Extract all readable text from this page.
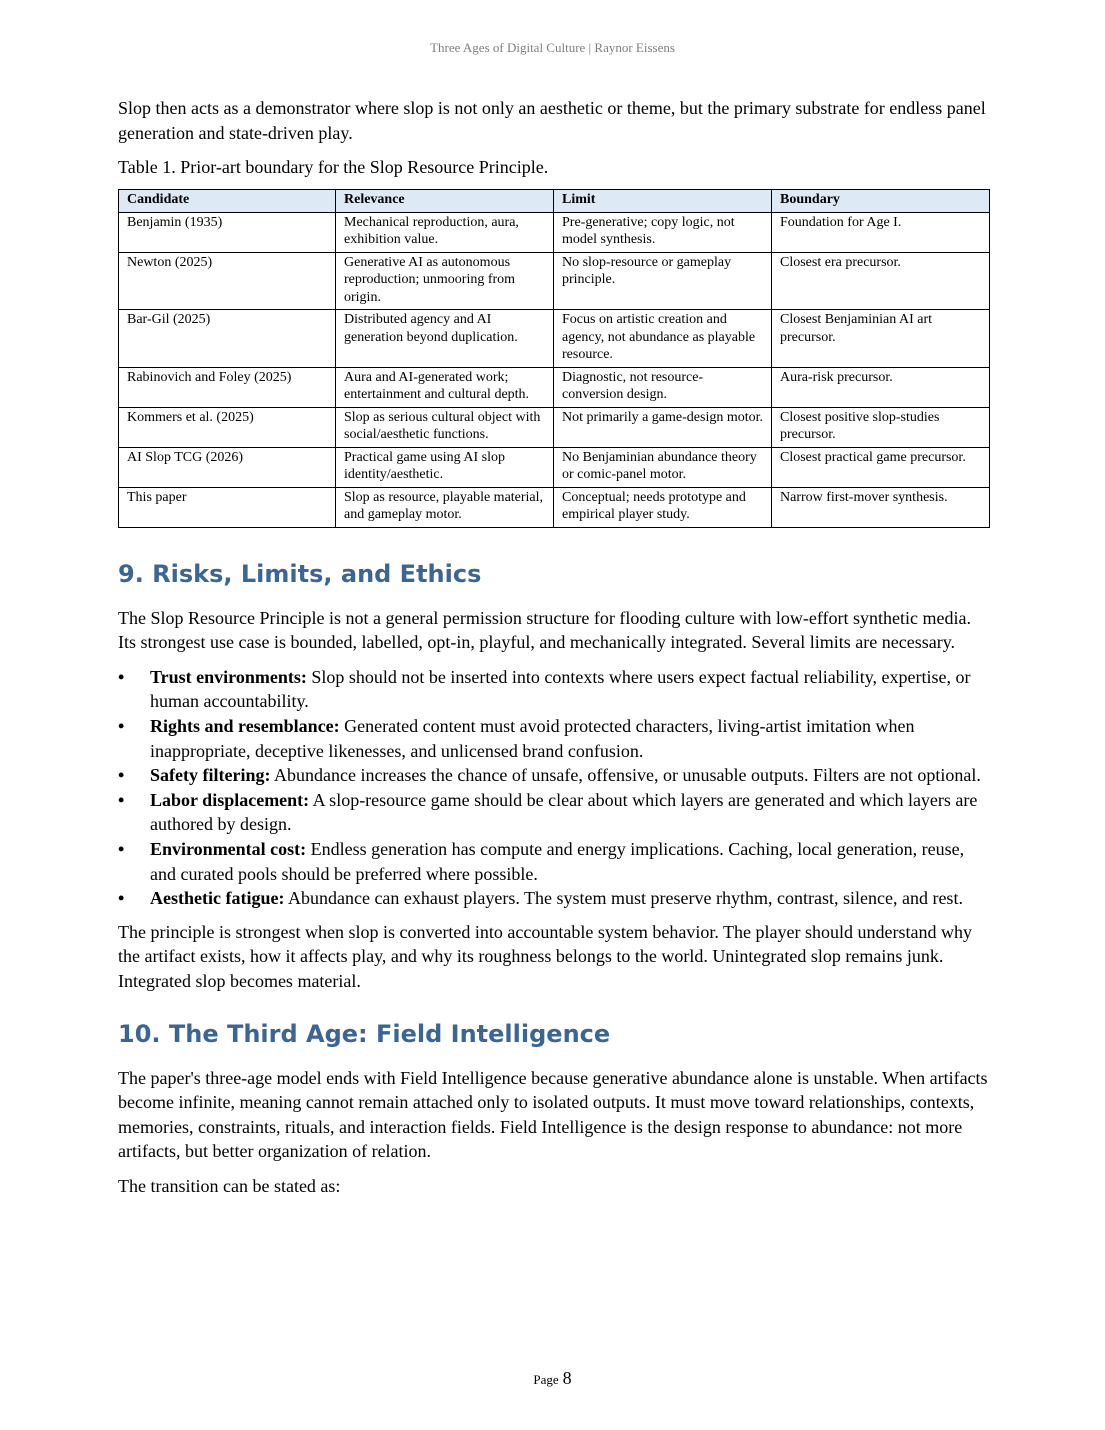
Three Ages of Digital Culture | Raynor Eissens

Slop then acts as a demonstrator where slop is not only an aesthetic or theme, but the primary substrate for endless panel generation and state-driven play.

Table 1. Prior-art boundary for the Slop Resource Principle.

Candidate	Relevance	Limit	Boundary
Benjamin (1935)	Mechanical reproduction, aura, exhibition value.	Pre-generative; copy logic, not model synthesis.	Foundation for Age I.
Newton (2025)	Generative AI as autonomous reproduction; unmooring from origin.	No slop-resource or gameplay principle.	Closest era precursor.
Bar-Gil (2025)	Distributed agency and AI generation beyond duplication.	Focus on artistic creation and agency, not abundance as playable resource.	Closest Benjaminian AI art precursor.
Rabinovich and Foley (2025)	Aura and AI-generated work; entertainment and cultural depth.	Diagnostic, not resource-conversion design.	Aura-risk precursor.
Kommers et al. (2025)	Slop as serious cultural object with social/aesthetic functions.	Not primarily a game-design motor.	Closest positive slop-studies precursor.
AI Slop TCG (2026)	Practical game using AI slop identity/aesthetic.	No Benjaminian abundance theory or comic-panel motor.	Closest practical game precursor.
This paper	Slop as resource, playable material, and gameplay motor.	Conceptual; needs prototype and empirical player study.	Narrow first-mover synthesis.
9. Risks, Limits, and Ethics

The Slop Resource Principle is not a general permission structure for flooding culture with low-effort synthetic media. Its strongest use case is bounded, labelled, opt-in, playful, and mechanically integrated. Several limits are necessary.

• Trust environments: Slop should not be inserted into contexts where users expect factual reliability, expertise, or human accountability.
• Rights and resemblance: Generated content must avoid protected characters, living-artist imitation when inappropriate, deceptive likenesses, and unlicensed brand confusion.
• Safety filtering: Abundance increases the chance of unsafe, offensive, or unusable outputs. Filters are not optional.
• Labor displacement: A slop-resource game should be clear about which layers are generated and which layers are authored by design.
• Environmental cost: Endless generation has compute and energy implications. Caching, local generation, reuse, and curated pools should be preferred where possible.
• Aesthetic fatigue: Abundance can exhaust players. The system must preserve rhythm, contrast, silence, and rest.

The principle is strongest when slop is converted into accountable system behavior. The player should understand why the artifact exists, how it affects play, and why its roughness belongs to the world. Unintegrated slop remains junk. Integrated slop becomes material.

10. The Third Age: Field Intelligence

The paper's three-age model ends with Field Intelligence because generative abundance alone is unstable. When artifacts become infinite, meaning cannot remain attached only to isolated outputs. It must move toward relationships, contexts, memories, constraints, rituals, and interaction fields. Field Intelligence is the design response to abundance: not more artifacts, but better organization of relation.

The transition can be stated as:

Page 8
